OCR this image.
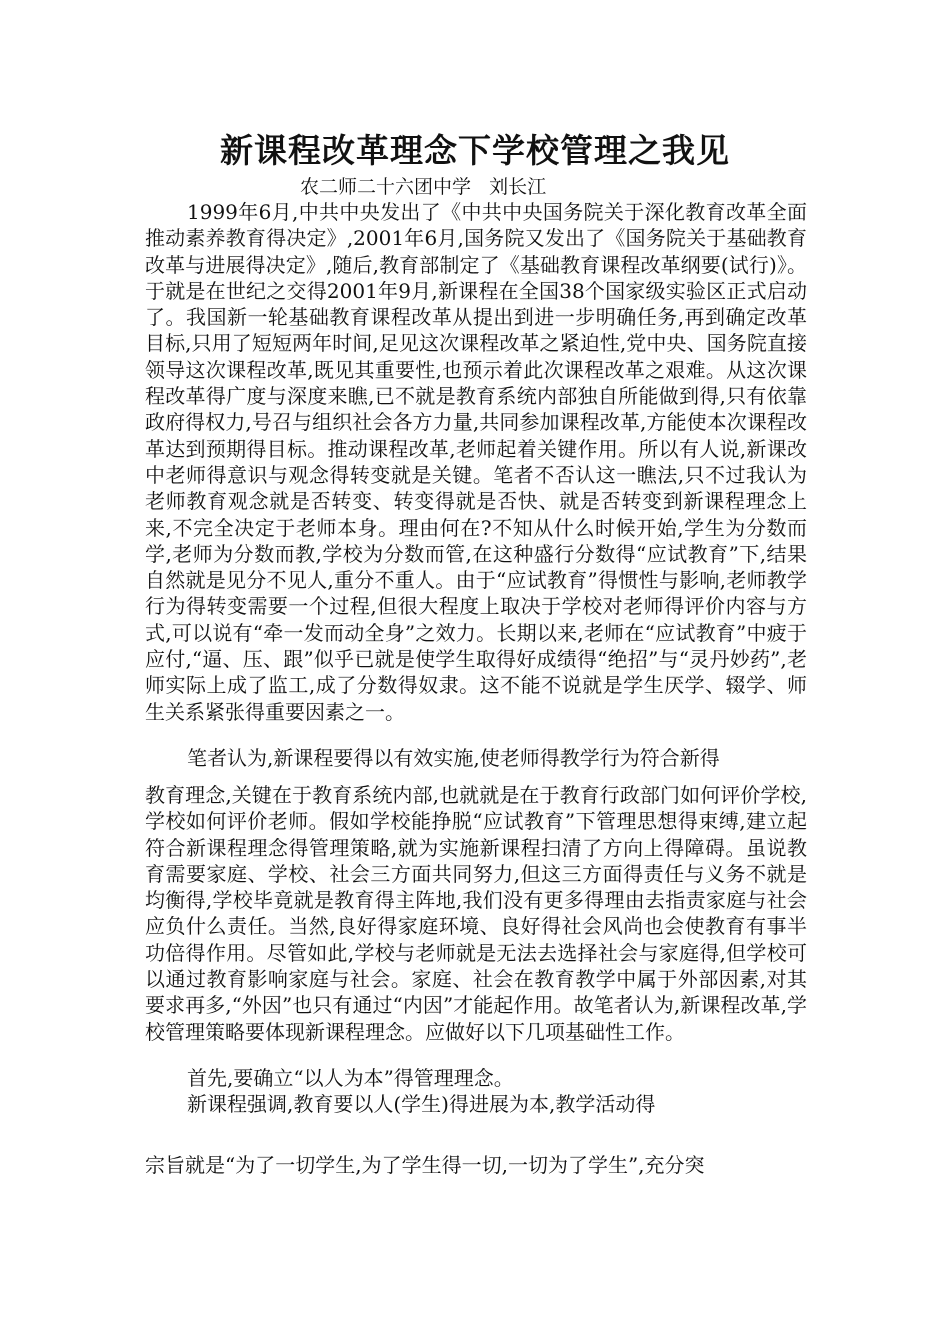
新课程改革理念下学校管理之我见
农二师二十六团中学   刘长江

1999年6月,中共中央发出了《中共中央国务院关于深化教育改革全面推动素养教育得决定》,2001年6月,国务院又发出了《国务院关于基础教育改革与进展得决定》,随后,教育部制定了《基础教育课程改革纲要(试行)》。于就是在世纪之交得2001年9月,新课程在全国38个国家级实验区正式启动了。我国新一轮基础教育课程改革从提出到进一步明确任务,再到确定改革目标,只用了短短两年时间,足见这次课程改革之紧迫性,党中央、国务院直接领导这次课程改革,既见其重要性,也预示着此次课程改革之艰难。从这次课程改革得广度与深度来瞧,已不就是教育系统内部独自所能做到得,只有依靠政府得权力,号召与组织社会各方力量,共同参加课程改革,方能使本次课程改革达到预期得目标。推动课程改革,老师起着关键作用。所以有人说,新课改中老师得意识与观念得转变就是关键。笔者不否认这一瞧法,只不过我认为老师教育观念就是否转变、转变得就是否快、就是否转变到新课程理念上来,不完全决定于老师本身。理由何在?不知从什么时候开始,学生为分数而学,老师为分数而教,学校为分数而管,在这种盛行分数得“应试教育”下,结果自然就是见分不见人,重分不重人。由于“应试教育”得惯性与影响,老师教学行为得转变需要一个过程,但很大程度上取决于学校对老师得评价内容与方式,可以说有“牵一发而动全身”之效力。长期以来,老师在“应试教育”中疲于应付,“逼、压、跟”似乎已就是使学生取得好成绩得“绝招”与“灵丹妙药”,老师实际上成了监工,成了分数得奴隶。这不能不说就是学生厌学、辍学、师生关系紧张得重要因素之一。

笔者认为,新课程要得以有效实施,使老师得教学行为符合新得

教育理念,关键在于教育系统内部,也就就是在于教育行政部门如何评价学校,学校如何评价老师。假如学校能挣脱“应试教育”下管理思想得束缚,建立起符合新课程理念得管理策略,就为实施新课程扫清了方向上得障碍。虽说教育需要家庭、学校、社会三方面共同努力,但这三方面得责任与义务不就是均衡得,学校毕竟就是教育得主阵地,我们没有更多得理由去指责家庭与社会应负什么责任。当然,良好得家庭环境、良好得社会风尚也会使教育有事半功倍得作用。尽管如此,学校与老师就是无法去选择社会与家庭得,但学校可以通过教育影响家庭与社会。家庭、社会在教育教学中属于外部因素,对其要求再多,“外因”也只有通过“内因”才能起作用。故笔者认为,新课程改革,学校管理策略要体现新课程理念。应做好以下几项基础性工作。

首先,要确立“以人为本”得管理理念。

新课程强调,教育要以人(学生)得进展为本,教学活动得

宗旨就是“为了一切学生,为了学生得一切,一切为了学生”,充分突
